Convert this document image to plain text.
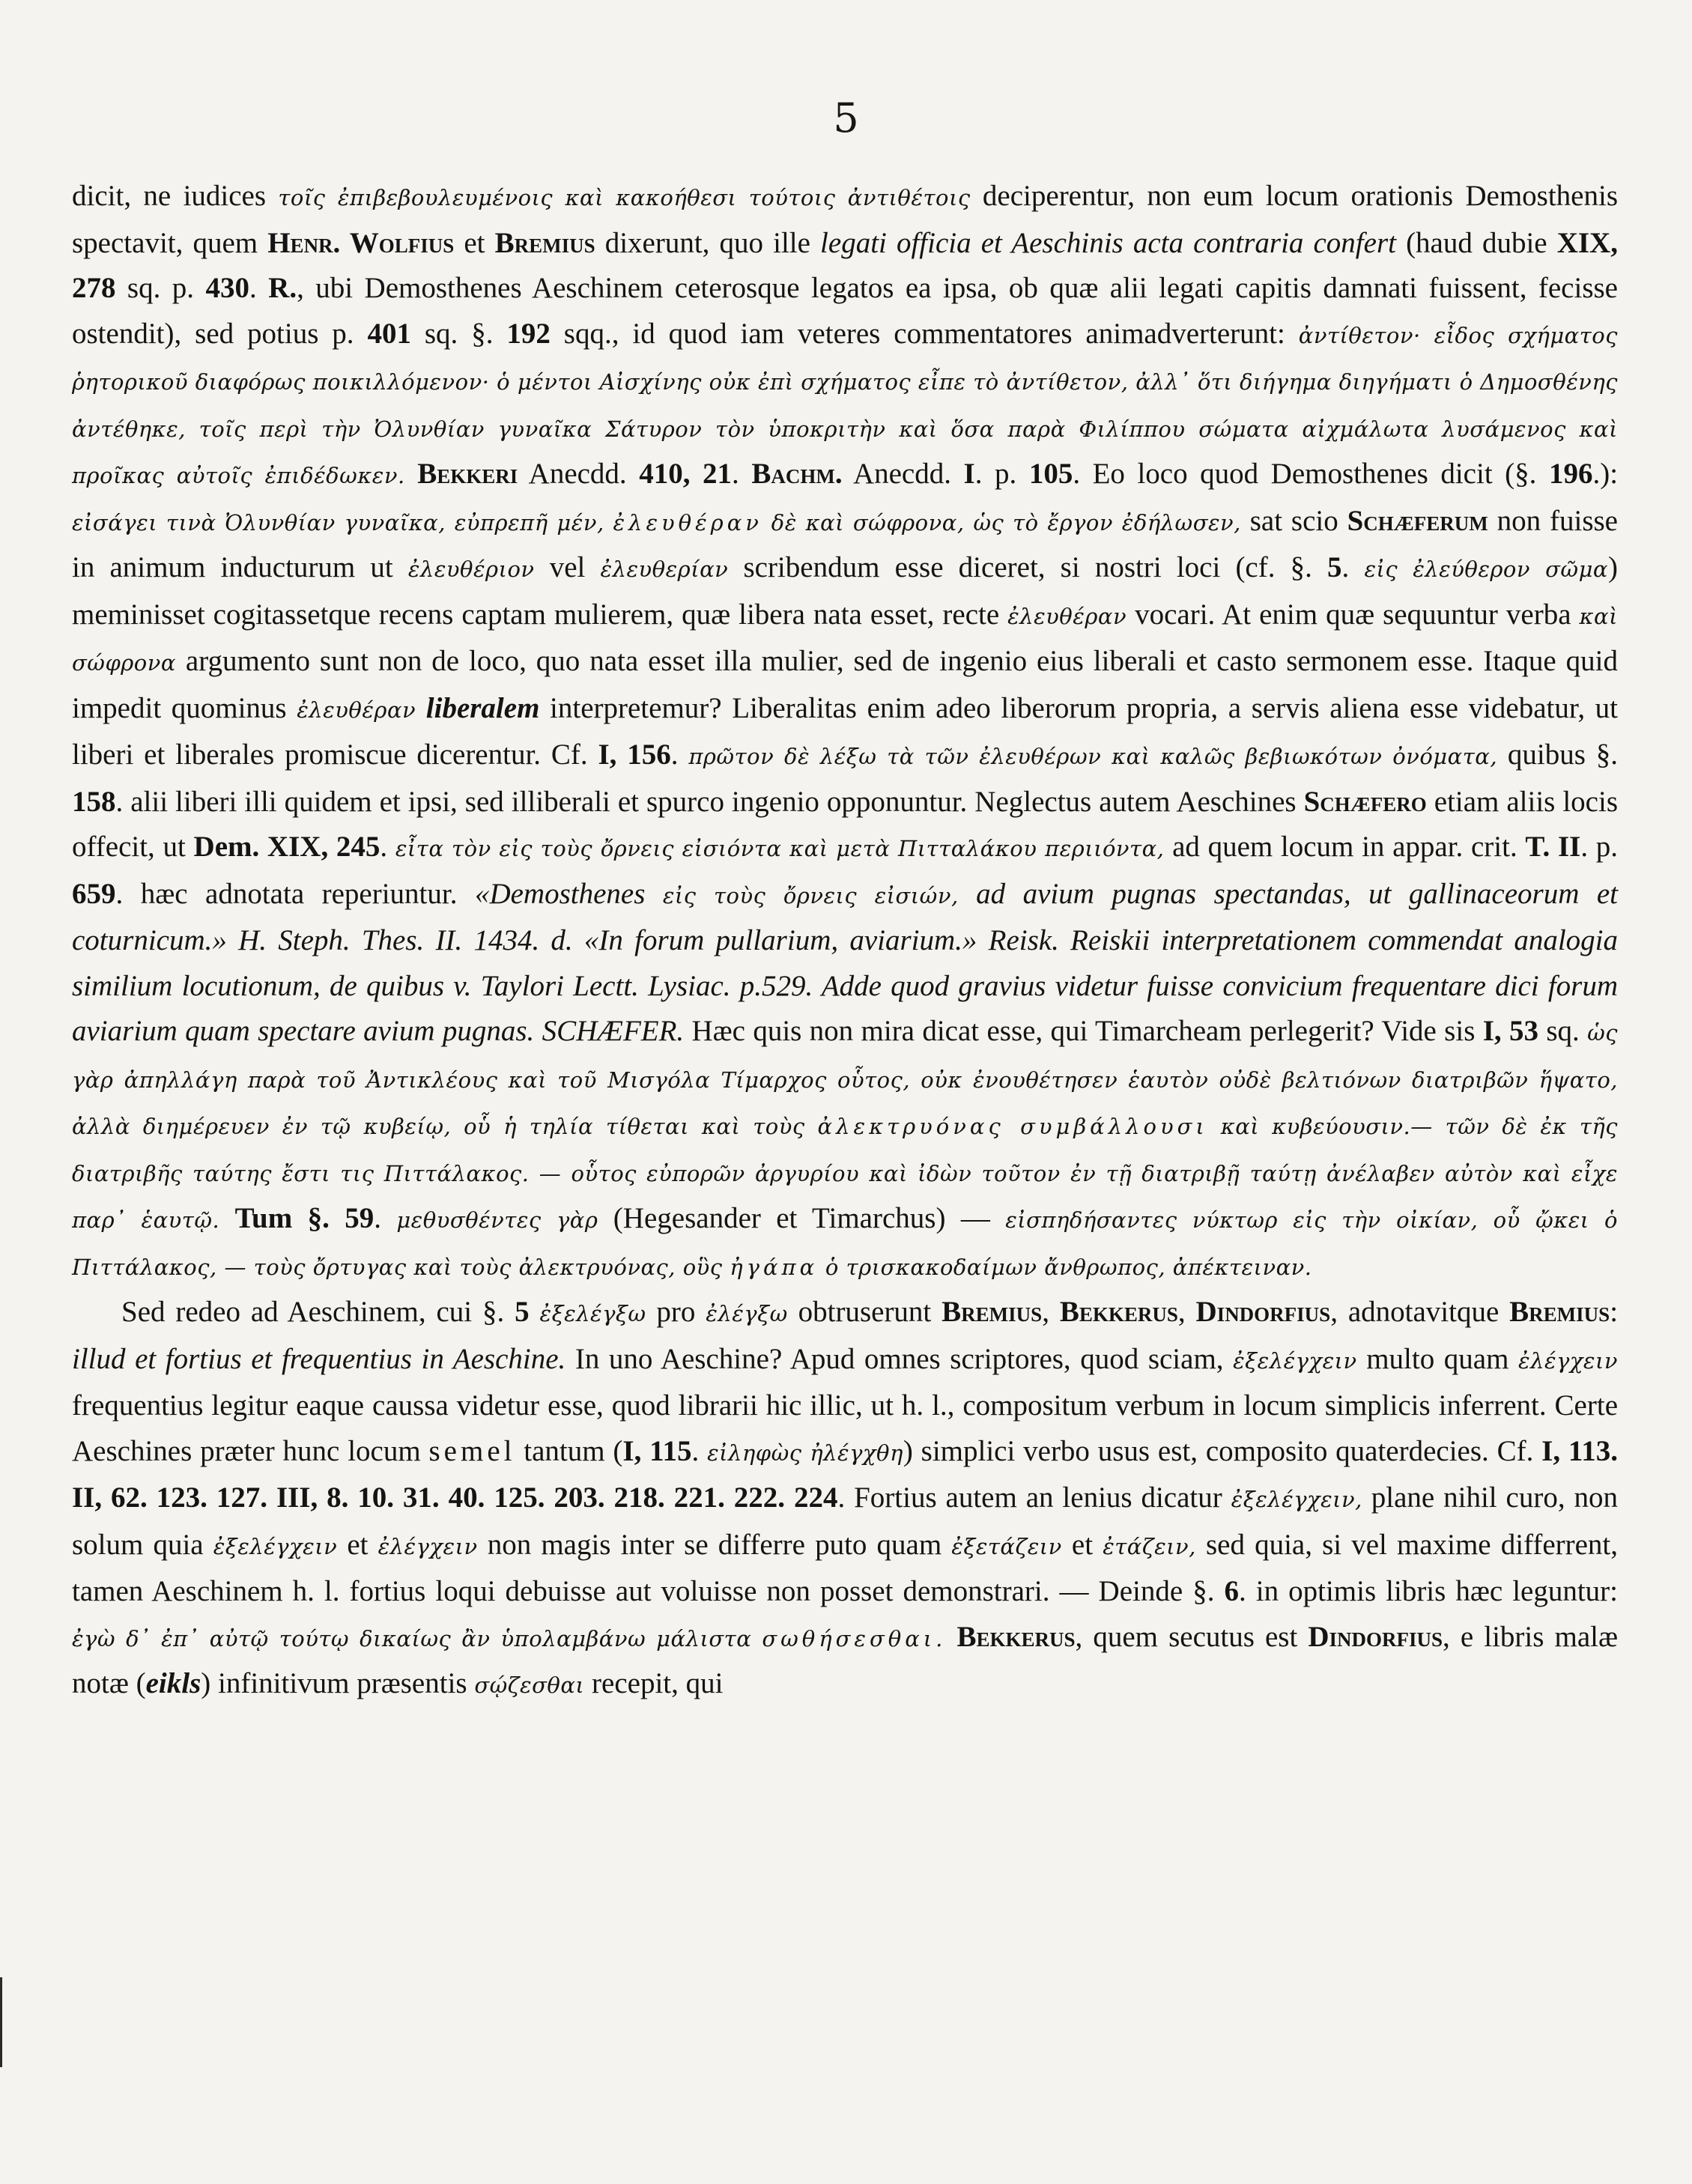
5

dicit, ne iudices τοῖς ἐπιβεβουλευμένοις καὶ κακοήθεσι τούτοις ἀντιθέτοις deciperentur, non eum locum orationis Demosthenis spectavit, quem Henr. Wolfius et Bremius dixerunt, quo ille legati officia et Aeschinis acta contraria confert (haud dubie XIX, 278 sq. p. 430. R., ubi Demosthenes Aeschinem ceterosque legatos ea ipsa, ob quæ alii legati capitis damnati fuissent, fecisse ostendit), sed potius p. 401 sq. §. 192 sqq., id quod iam veteres commentatores animadverterunt: ἀντίθετον· εἶδος σχήματος ῥητορικοῦ διαφόρως ποικιλλόμενον· ὁ μέντοι Αἰσχίνης οὐκ ἐπὶ σχήματος εἶπε τὸ ἀντίθετον, ἀλλ᾽ ὅτι διήγημα διηγήματι ὁ Δημοσθένης ἀντέθηκε, τοῖς περὶ τὴν Ὀλυνθίαν γυναῖκα Σάτυρον τὸν ὑποκριτὴν καὶ ὅσα παρὰ Φιλίππου σώματα αἰχμάλωτα λυσάμενος καὶ προῖκας αὐτοῖς ἐπιδέδωκεν. Bekkeri Anecdd. 410, 21. Bachm. Anecdd. I. p. 105. Eo loco quod Demosthenes dicit (§. 196.): εἰσάγει τινὰ Ὀλυνθίαν γυναῖκα, εὐπρεπῆ μέν, ἐλευθέραν δὲ καὶ σώφρονα, ὡς τὸ ἔργον ἐδήλωσεν, sat scio Schæferum non fuisse in animum inducturum ut ἐλευθέριον vel ἐλευθερίαν scribendum esse diceret, si nostri loci (cf. §. 5. εἰς ἐλεύθερον σῶμα) meminisset cogitassetque recens captam mulierem, quæ libera nata esset, recte ἐλευθέραν vocari. At enim quæ sequuntur verba καὶ σώφρονα argumento sunt non de loco, quo nata esset illa mulier, sed de ingenio eius liberali et casto sermonem esse. Itaque quid impedit quominus ἐλευθέραν liberalem interpretemur? Liberalitas enim adeo liberorum propria, a servis aliena esse videbatur, ut liberi et liberales promiscue dicerentur. Cf. I, 156. πρῶτον δὲ λέξω τὰ τῶν ἐλευθέρων καὶ καλῶς βεβιωκότων ὀνόματα, quibus §. 158. alii liberi illi quidem et ipsi, sed illiberali et spurco ingenio opponuntur. Neglectus autem Aeschines Schæfero etiam aliis locis offecit, ut Dem. XIX, 245. εἶτα τὸν εἰς τοὺς ὄρνεις εἰσιόντα καὶ μετὰ Πιτταλάκου περιιόντα, ad quem locum in appar. crit. T. II. p. 659. hæc adnotata reperiuntur. «Demosthenes εἰς τοὺς ὄρνεις εἰσιών, ad avium pugnas spectandas, ut gallinaceorum et coturnicum.» H. Steph. Thes. II. 1434. d. «In forum pullarium, aviarium.» Reisk. Reiskii interpretationem commendat analogia similium locutionum, de quibus v. Taylori Lectt. Lysiac. p.529. Adde quod gravius videtur fuisse convicium frequentare dici forum aviarium quam spectare avium pugnas. SCHÆFER. Hæc quis non mira dicat esse, qui Timarcheam perlegerit? Vide sis I, 53 sq. ὡς γὰρ ἀπηλλάγη παρὰ τοῦ Ἀντικλέους καὶ τοῦ Μισγόλα Τίμαρχος οὗτος, οὐκ ἐνουθέτησεν ἑαυτὸν οὐδὲ βελτιόνων διατριβῶν ἥψατο, ἀλλὰ διημέρευεν ἐν τῷ κυβείῳ, οὗ ἡ τηλία τίθεται καὶ τοὺς ἀλεκτρυόνας συμβάλλουσι καὶ κυβεύουσιν.— τῶν δὲ ἐκ τῆς διατριβῆς ταύτης ἔστι τις Πιττάλακος. — οὗτος εὐπορῶν ἀργυρίου καὶ ἰδὼν τοῦτον ἐν τῇ διατριβῇ ταύτῃ ἀνέλαβεν αὐτὸν καὶ εἶχε παρ᾽ ἑαυτῷ. Tum §. 59. μεθυσθέντες γὰρ (Hegesander et Timarchus) — εἰσπηδήσαντες νύκτωρ εἰς τὴν οἰκίαν, οὗ ᾤκει ὁ Πιττάλακος, — τοὺς ὄρτυγας καὶ τοὺς ἀλεκτρυόνας, οὓς ἠγάπα ὁ τρισκακοδαίμων ἄνθρωπος, ἀπέκτειναν.

Sed redeo ad Aeschinem, cui §. 5 ἐξελέγξω pro ἐλέγξω obtruserunt Bremius, Bekkerus, Dindorfius, adnotavitque Bremius: illud et fortius et frequentius in Aeschine. In uno Aeschine? Apud omnes scriptores, quod sciam, ἐξελέγχειν multo quam ἐλέγχειν frequentius legitur eaque caussa videtur esse, quod librarii hic illic, ut h. l., compositum verbum in locum simplicis inferrent. Certe Aeschines præter hunc locum semel tantum (I, 115. εἰληφὼς ἠλέγχθη) simplici verbo usus est, composito quaterdecies. Cf. I, 113. II, 62. 123. 127. III, 8. 10. 31. 40. 125. 203. 218. 221. 222. 224. Fortius autem an lenius dicatur ἐξελέγχειν, plane nihil curo, non solum quia ἐξελέγχειν et ἐλέγχειν non magis inter se differre puto quam ἐξετάζειν et ἐτάζειν, sed quia, si vel maxime differrent, tamen Aeschinem h. l. fortius loqui debuisse aut voluisse non posset demonstrari. — Deinde §. 6. in optimis libris hæc leguntur: ἐγὼ δ᾽ ἐπ᾽ αὐτῷ τούτῳ δικαίως ἂν ὑπολαμβάνω μάλιστα σωθήσεσθαι. Bekkerus, quem secutus est Dindorfius, e libris malæ notæ (eikls) infinitivum præsentis σῴζεσθαι recepit, qui
